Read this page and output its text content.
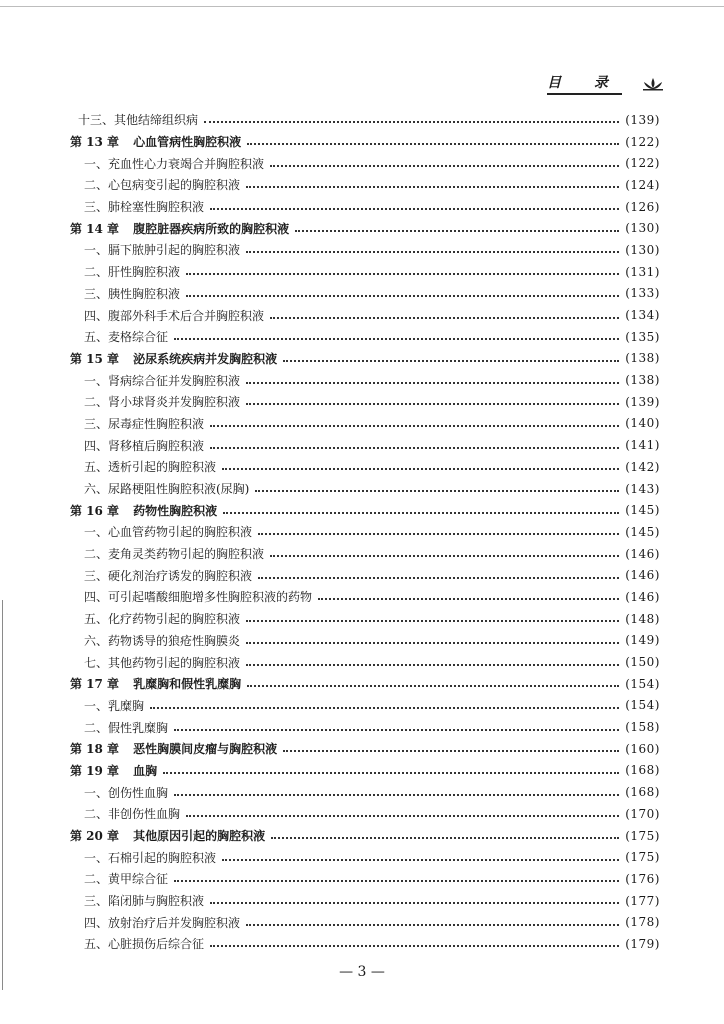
目 录
十三、其他结缔组织病	(139)
第 13 章 心血管病性胸腔积液	(122)
一、充血性心力衰竭合并胸腔积液	(122)
二、心包病变引起的胸腔积液	(124)
三、肺栓塞性胸腔积液	(126)
第 14 章 腹腔脏器疾病所致的胸腔积液	(130)
一、膈下脓肿引起的胸腔积液	(130)
二、肝性胸腔积液	(131)
三、胰性胸腔积液	(133)
四、腹部外科手术后合并胸腔积液	(134)
五、麦格综合征	(135)
第 15 章 泌尿系统疾病并发胸腔积液	(138)
一、肾病综合征并发胸腔积液	(138)
二、肾小球肾炎并发胸腔积液	(139)
三、尿毒症性胸腔积液	(140)
四、肾移植后胸腔积液	(141)
五、透析引起的胸腔积液	(142)
六、尿路梗阻性胸腔积液(尿胸)	(143)
第 16 章 药物性胸腔积液	(145)
一、心血管药物引起的胸腔积液	(145)
二、麦角灵类药物引起的胸腔积液	(146)
三、硬化剂治疗诱发的胸腔积液	(146)
四、可引起嗜酸细胞增多性胸腔积液的药物	(146)
五、化疗药物引起的胸腔积液	(148)
六、药物诱导的狼疮性胸膜炎	(149)
七、其他药物引起的胸腔积液	(150)
第 17 章 乳糜胸和假性乳糜胸	(154)
一、乳糜胸	(154)
二、假性乳糜胸	(158)
第 18 章 恶性胸膜间皮瘤与胸腔积液	(160)
第 19 章 血胸	(168)
一、创伤性血胸	(168)
二、非创伤性血胸	(170)
第 20 章 其他原因引起的胸腔积液	(175)
一、石棉引起的胸腔积液	(175)
二、黄甲综合征	(176)
三、陷闭肺与胸腔积液	(177)
四、放射治疗后并发胸腔积液	(178)
五、心脏损伤后综合征	(179)
— 3 —
